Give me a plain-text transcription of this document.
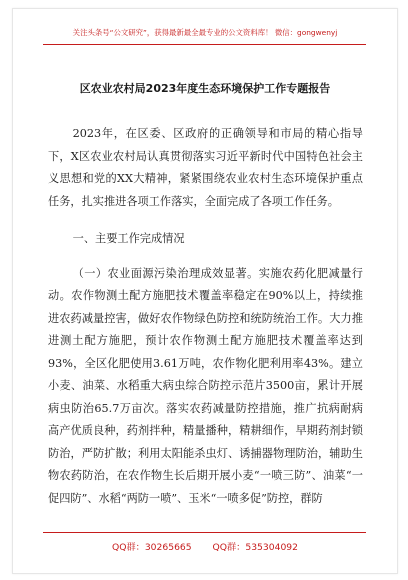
关注头条号“公文研究”，获得最新最全最专业的公文资料库！ 微信：gongwenyj
区农业农村局2023年度生态环境保护工作专题报告

2023年，在区委、区政府的正确领导和市局的精心指导下，X区农业农村局认真贯彻落实习近平新时代中国特色社会主义思想和党的XX大精神，紧紧围绕农业农村生态环境保护重点任务，扎实推进各项工作落实，全面完成了各项工作任务。

一、主要工作完成情况

（一）农业面源污染治理成效显著。实施农药化肥减量行动。农作物测土配方施肥技术覆盖率稳定在90%以上，持续推进农药减量控害，做好农作物绿色防控和统防统治工作。大力推进测土配方施肥，预计农作物测土配方施肥技术覆盖率达到93%，全区化肥使用3.61万吨，农作物化肥利用率43%。建立小麦、油菜、水稻重大病虫综合防控示范片3500亩，累计开展病虫防治65.7万亩次。落实农药减量防控措施，推广抗病耐病高产优质良种，药剂拌种，精量播种，精耕细作，早期药剂封锁防治，严防扩散；利用太阳能杀虫灯、诱捕器物理防治，辅助生物农药防治，在农作物生长后期开展小麦“一喷三防”、油菜“一促四防”、水稻“两防一喷”、玉米“一喷多促”防控，群防

QQ群：30265665 QQ群：535304092
